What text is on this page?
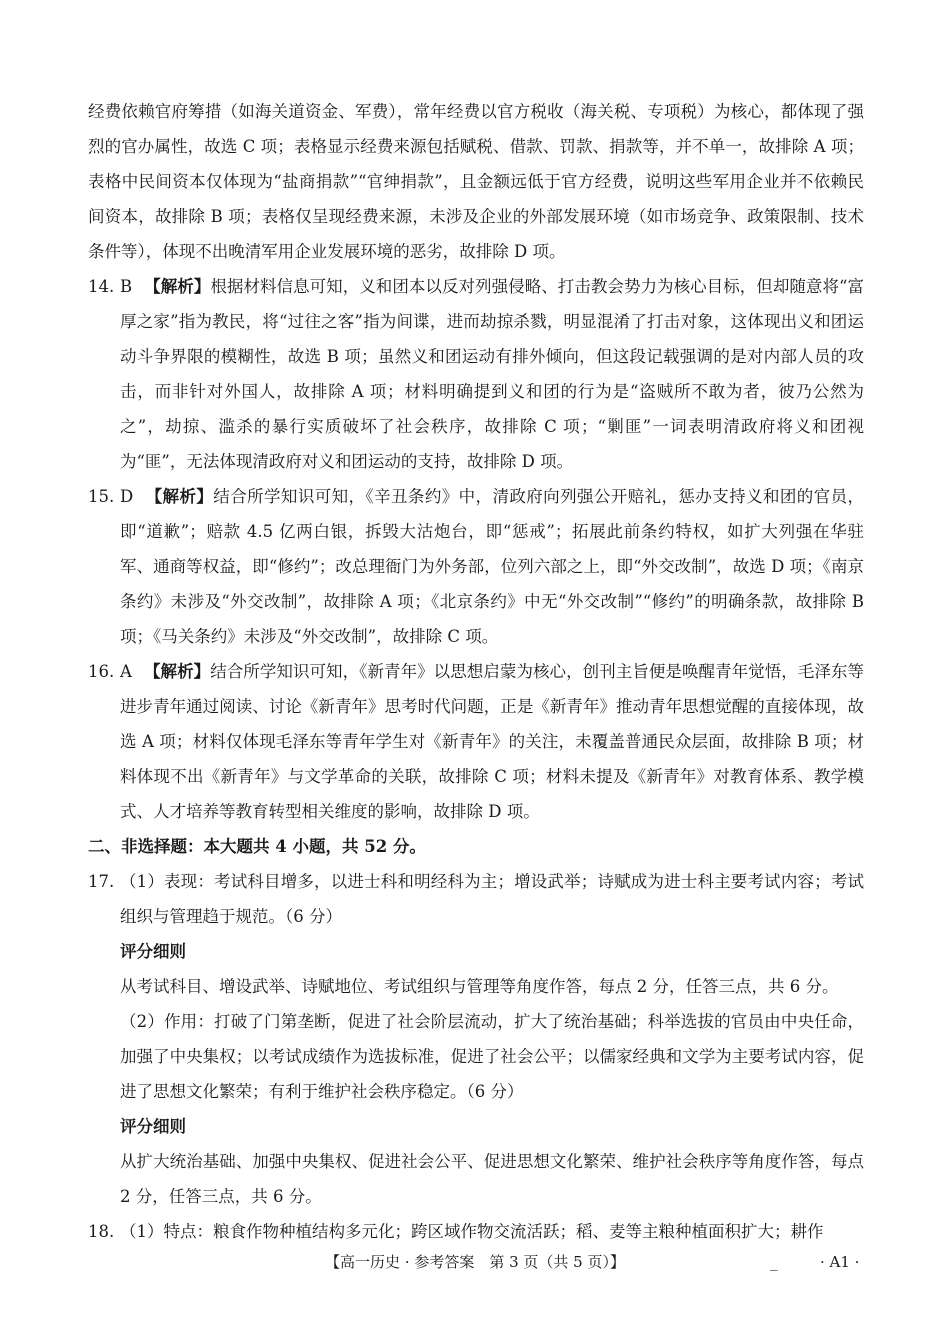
经费依赖官府筹措（如海关道资金、军费），常年经费以官方税收（海关税、专项税）为核心，都体现了强烈的官办属性，故选 C 项；表格显示经费来源包括赋税、借款、罚款、捐款等，并不单一，故排除 A 项；表格中民间资本仅体现为“盐商捐款”“官绅捐款”，且金额远低于官方经费，说明这些军用企业并不依赖民间资本，故排除 B 项；表格仅呈现经费来源，未涉及企业的外部发展环境（如市场竞争、政策限制、技术条件等），体现不出晚清军用企业发展环境的恶劣，故排除 D 项。

14. B 【解析】根据材料信息可知，义和团本以反对列强侵略、打击教会势力为核心目标，但却随意将“富厚之家”指为教民，将“过往之客”指为间谍，进而劫掠杀戮，明显混淆了打击对象，这体现出义和团运动斗争界限的模糊性，故选 B 项；虽然义和团运动有排外倾向，但这段记载强调的是对内部人员的攻击，而非针对外国人，故排除 A 项；材料明确提到义和团的行为是“盗贼所不敢为者，彼乃公然为之”，劫掠、滥杀的暴行实质破坏了社会秩序，故排除 C 项；“剿匪”一词表明清政府将义和团视为“匪”，无法体现清政府对义和团运动的支持，故排除 D 项。
15. D 【解析】结合所学知识可知，《辛丑条约》中，清政府向列强公开赔礼，惩办支持义和团的官员，即“道歉”；赔款 4.5 亿两白银，拆毁大沽炮台，即“惩戒”；拓展此前条约特权，如扩大列强在华驻军、通商等权益，即“修约”；改总理衙门为外务部，位列六部之上，即“外交改制”，故选 D 项；《南京条约》未涉及“外交改制”，故排除 A 项；《北京条约》中无“外交改制”“修约”的明确条款，故排除 B 项；《马关条约》未涉及“外交改制”，故排除 C 项。
16. A 【解析】结合所学知识可知，《新青年》以思想启蒙为核心，创刊主旨便是唤醒青年觉悟，毛泽东等进步青年通过阅读、讨论《新青年》思考时代问题，正是《新青年》推动青年思想觉醒的直接体现，故选 A 项；材料仅体现毛泽东等青年学生对《新青年》的关注，未覆盖普通民众层面，故排除 B 项；材料体现不出《新青年》与文学革命的关联，故排除 C 项；材料未提及《新青年》对教育体系、教学模式、人才培养等教育转型相关维度的影响，故排除 D 项。

二、非选择题：本大题共 4 小题，共 52 分。

17. （1）表现：考试科目增多，以进士科和明经科为主；增设武举；诗赋成为进士科主要考试内容；考试组织与管理趋于规范。（6 分）
评分细则
从考试科目、增设武举、诗赋地位、考试组织与管理等角度作答，每点 2 分，任答三点，共 6 分。
（2）作用：打破了门第垄断，促进了社会阶层流动，扩大了统治基础；科举选拔的官员由中央任命，加强了中央集权；以考试成绩作为选拔标准，促进了社会公平；以儒家经典和文学为主要考试内容，促进了思想文化繁荣；有利于维护社会秩序稳定。（6 分）
评分细则
从扩大统治基础、加强中央集权、促进社会公平、促进思想文化繁荣、维护社会秩序等角度作答，每点 2 分，任答三点，共 6 分。
18. （1）特点：粮食作物种植结构多元化；跨区域作物交流活跃；稻、麦等主粮种植面积扩大；耕作
【高一历史 · 参考答案　第 3 页（共 5 页）】	_	· A1 ·
